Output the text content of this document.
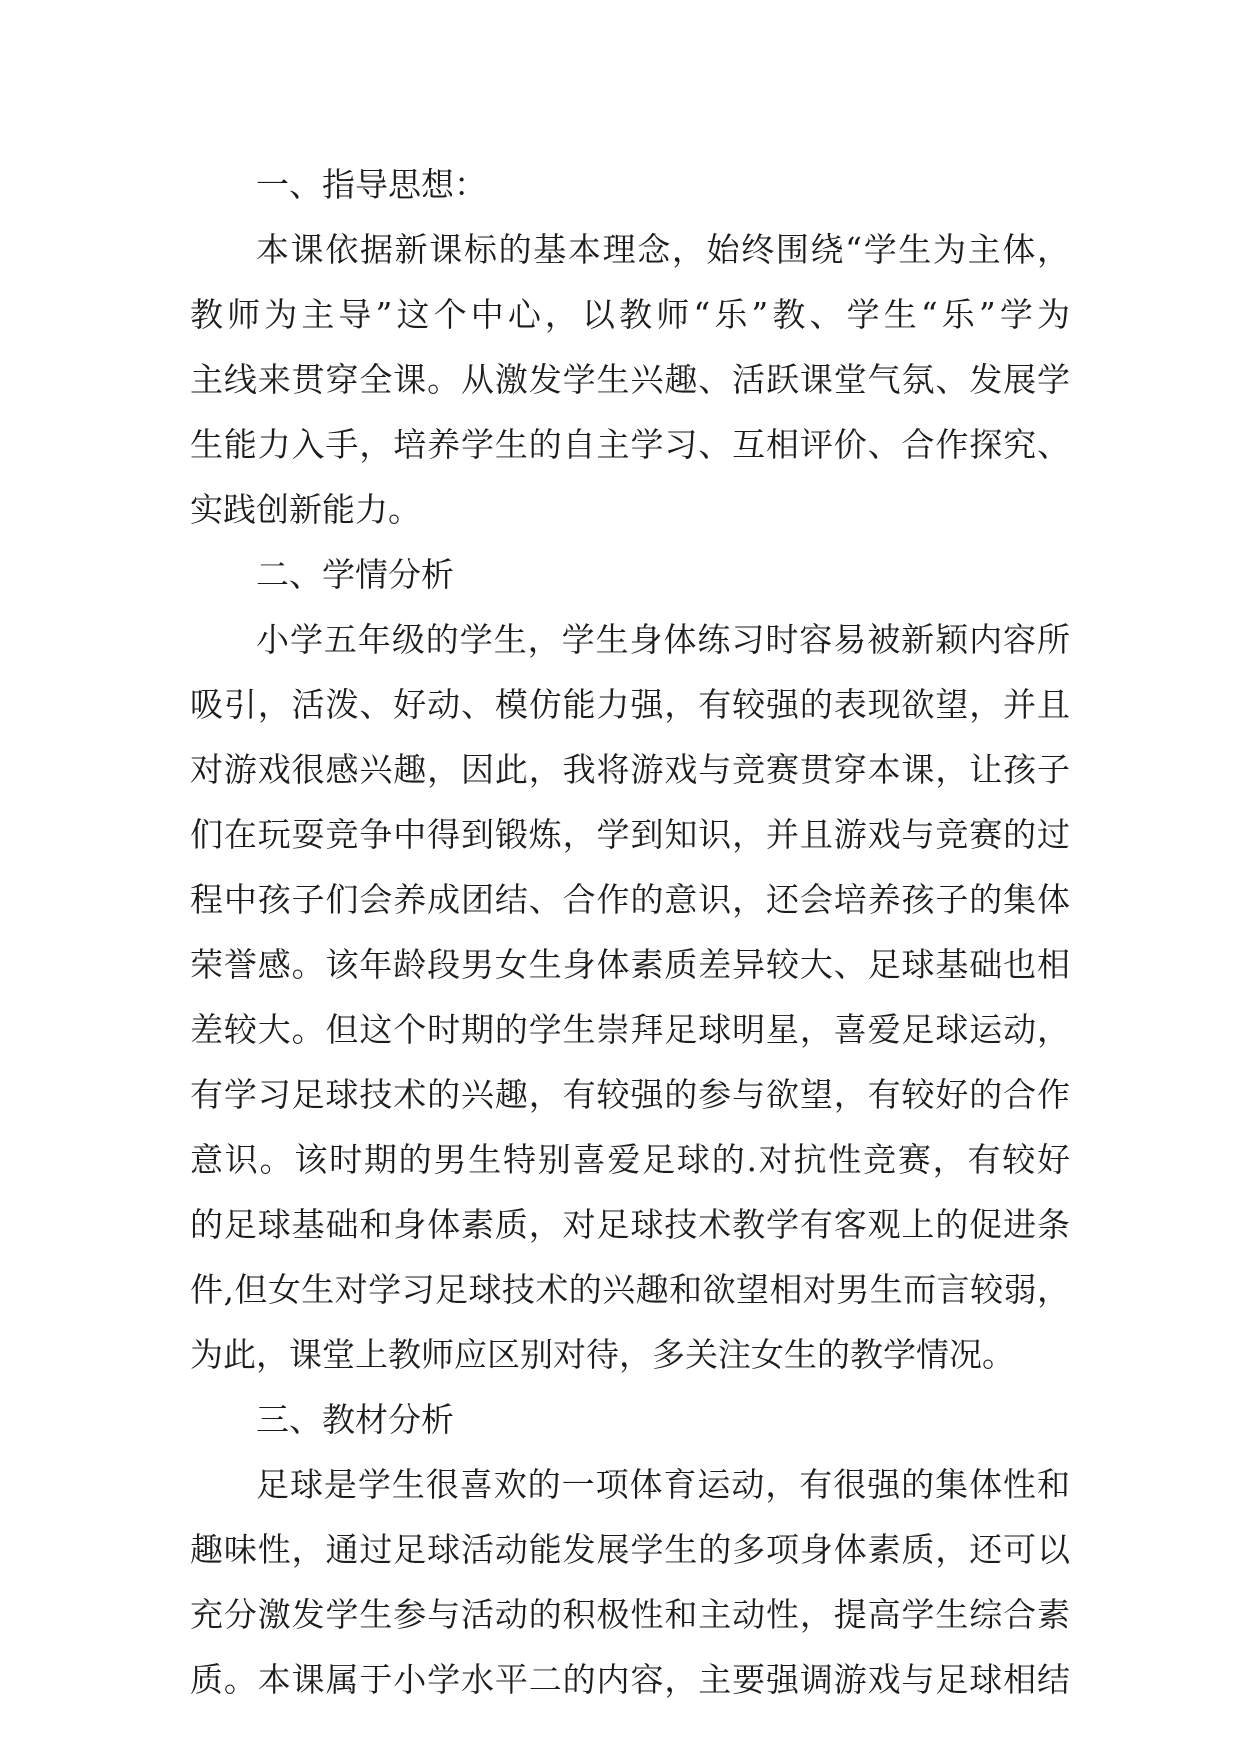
一、指导思想：
本课依据新课标的基本理念，始终围绕“学生为主体，
教师为主导”这个中心，以教师“乐”教、学生“乐”学为
主线来贯穿全课。从激发学生兴趣、活跃课堂气氛、发展学
生能力入手，培养学生的自主学习、互相评价、合作探究、
实践创新能力。
二、学情分析
小学五年级的学生，学生身体练习时容易被新颖内容所
吸引，活泼、好动、模仿能力强，有较强的表现欲望，并且
对游戏很感兴趣，因此，我将游戏与竞赛贯穿本课，让孩子
们在玩耍竞争中得到锻炼，学到知识，并且游戏与竞赛的过
程中孩子们会养成团结、合作的意识，还会培养孩子的集体
荣誉感。该年龄段男女生身体素质差异较大、足球基础也相
差较大。但这个时期的学生崇拜足球明星，喜爱足球运动，
有学习足球技术的兴趣，有较强的参与欲望，有较好的合作
意识。该时期的男生特别喜爱足球的.对抗性竞赛，有较好
的足球基础和身体素质，对足球技术教学有客观上的促进条
件,但女生对学习足球技术的兴趣和欲望相对男生而言较弱，
为此，课堂上教师应区别对待，多关注女生的教学情况。
三、教材分析
足球是学生很喜欢的一项体育运动，有很强的集体性和
趣味性，通过足球活动能发展学生的多项身体素质，还可以
充分激发学生参与活动的积极性和主动性，提高学生综合素
质。本课属于小学水平二的内容，主要强调游戏与足球相结
